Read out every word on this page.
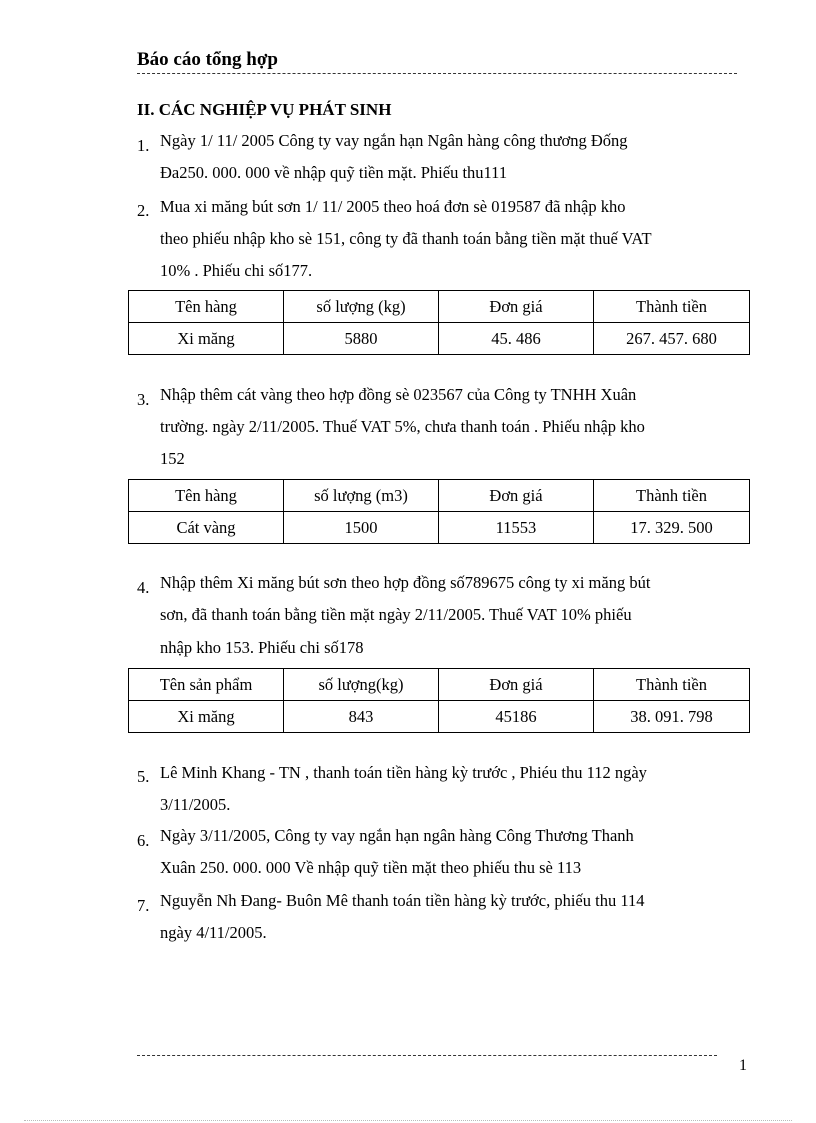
Báo cáo tổng hợp
II. CÁC NGHIỆP VỤ PHÁT SINH
1. Ngày 1/ 11/ 2005 Công ty vay ngắn hạn Ngân hàng công thương Đống
Đa250. 000. 000 về nhập quỹ tiền mặt. Phiếu thu111
2. Mua xi măng bút sơn 1/ 11/ 2005 theo hoá đơn sè 019587 đã nhập kho
theo phiếu nhập kho sè 151, công ty đã thanh toán bằng tiền mặt thuế VAT
10% . Phiếu chi số177.
Tên hàng	số lượng (kg)	Đơn giá	Thành tiền
Xi măng	5880	45. 486	267. 457. 680
3. Nhập thêm cát vàng theo hợp đồng sè 023567 của Công ty TNHH Xuân
trường. ngày 2/11/2005. Thuế VAT 5%, chưa thanh toán . Phiếu nhập kho
152
Tên hàng	số lượng (m3)	Đơn giá	Thành tiền
Cát vàng	1500	11553	17. 329. 500
4. Nhập thêm Xi măng bút sơn theo hợp đồng số789675 công ty xi măng bút
sơn, đã thanh toán bằng tiền mặt ngày 2/11/2005. Thuế VAT 10% phiếu
nhập kho 153. Phiếu chi số178
Tên sản phẩm	số lượng(kg)	Đơn giá	Thành tiền
Xi măng	843	45186	38. 091. 798
5. Lê Minh Khang - TN , thanh toán tiền hàng kỳ trước , Phiéu thu 112 ngày
3/11/2005.
6. Ngày 3/11/2005, Công ty vay ngắn hạn ngân hàng Công Thương Thanh
Xuân 250. 000. 000 Về nhập quỹ tiền mặt theo phiếu thu sè 113
7. Nguyễn Nh Đang- Buôn Mê thanh toán tiền hàng kỳ trước, phiếu thu 114
ngày 4/11/2005.
1
